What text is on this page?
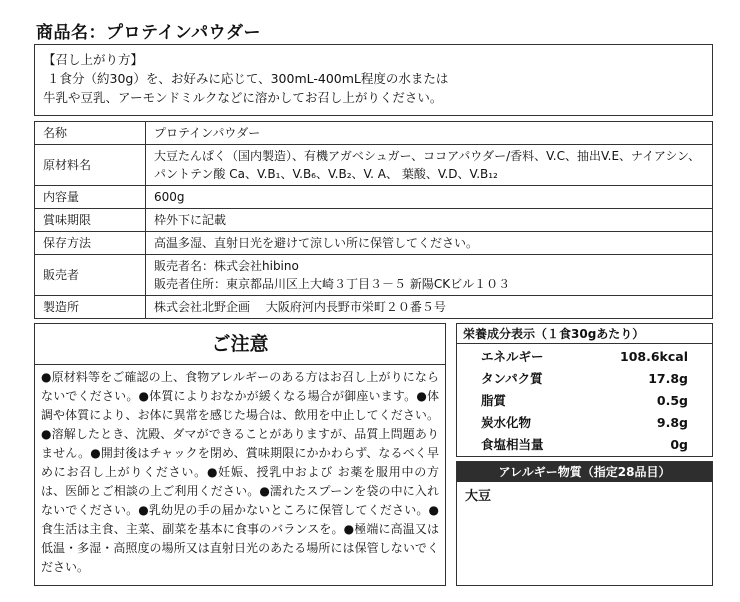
商品名：プロテインパウダー
【召し上がり方】
１食分（約30g）を、お好みに応じて、300mL-400mL程度の水または
牛乳や豆乳、アーモンドミルクなどに溶かしてお召し上がりください。
名称	プロテインパウダー
原材料名	大豆たんぱく（国内製造）、有機アガベシュガー、ココアパウダー/香料、V.C、抽出V.E、ナイアシン、パントテン酸 Ca、V.B₁、V.B₆、V.B₂、V. A、 葉酸、V.D、V.B₁₂
内容量	600g
賞味期限	枠外下に記載
保存方法	高温多湿、直射日光を避けて涼しい所に保管してください。
販売者	販売者名：株式会社hibino
販売者住所：東京都品川区上大崎３丁目３－５ 新陽CKビル１０３

製造所	株式会社北野企画　 大阪府河内長野市栄町２０番５号
ご注意
●原材料等をご確認の上、食物アレルギーのある方はお召し上がりにならないでください。●体質によりおなかが緩くなる場合が御座います。●体調や体質により、お体に異常を感じた場合は、飲用を中止してください。●溶解したとき、沈殿、ダマができることがありますが、品質上問題ありません。●開封後はチャックを閉め、賞味期限にかかわらず、なるべく早めにお召し上がりください。●妊娠、授乳中および お薬を服用中の方は、医師とご相談の上ご利用ください。●濡れたスプーンを袋の中に入れないでください。●乳幼児の手の届かないところに保管してください。●食生活は主食、主菜、副菜を基本に食事のバランスを。●極端に高温又は低温・多湿・高照度の場所又は直射日光のあたる場所には保管しないでください。
栄養成分表示（１食30gあたり）
エネルギー	108.6kcal
タンパク質	17.8g
脂質	0.5g
炭水化物	9.8g
食塩相当量	0g
アレルギー物質（指定28品目）
大豆
